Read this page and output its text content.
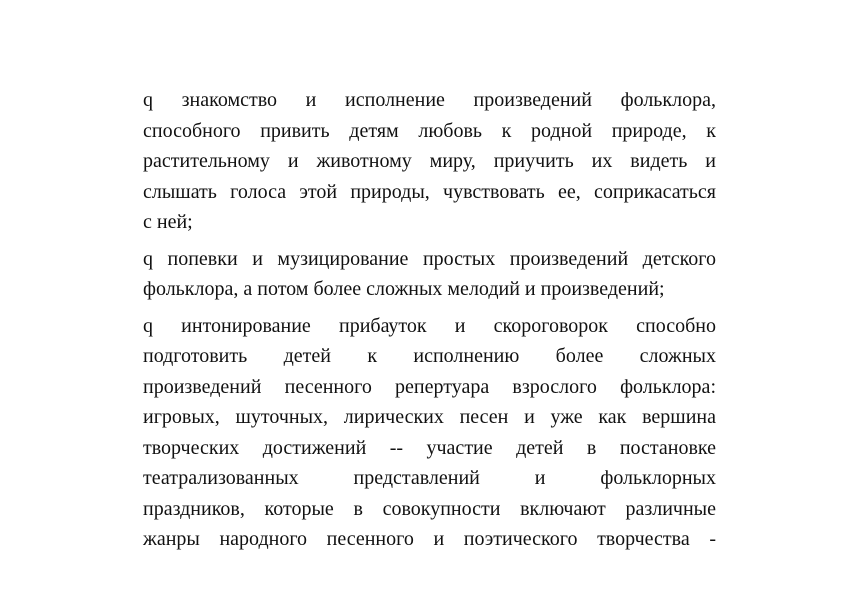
q знакомство и исполнение произведений фольклора,
способного привить детям любовь к родной природе, к
растительному и животному миру, приучить их видеть и
слышать голоса этой природы, чувствовать ее, соприкасаться
с ней;
q попевки и музицирование простых произведений детского
фольклора, а потом более сложных мелодий и произведений;
q интонирование прибауток и скороговорок способно
подготовить детей к исполнению более сложных
произведений песенного репертуара взрослого фольклора:
игровых, шуточных, лирических песен и уже как вершина
творческих достижений -- участие детей в постановке
театрализованных представлений и фольклорных
праздников, которые в совокупности включают различные
жанры народного песенного и поэтического творчества -
